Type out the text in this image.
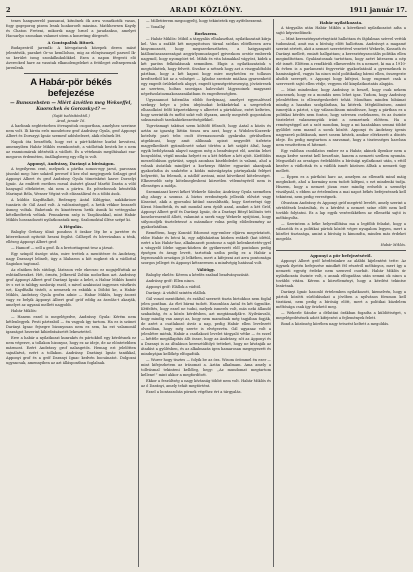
2	ARADI KÖZLÖNY.	1911 január 17.

tenes hangszerelő pausanuí, kitnőnek ők arra vonatkotók vasas, fogy gogeporog pisem lesnk hoakoroelt miasina. Mathhewsen Kaydy és Chaton Freteni, mikorsk nagy hrnel a jaradankso, amelyet Hacsarlyo szonokan valamet utem a konretmg dörgesét.

A Gontspalisk Bitorü.

Budapestről jaremlk: A kövsgatarok közepek deren másé jelentésük, paraket Or-so kemllolsoo, mig az előnyiszuayel parsed Ik-so kerület ismg szonkilkukulókkel. Ezen a napon férgesti elö Averecked hare az vasutak elkanolengeleket a fetüleget zoltnepreunk jarenlenk.

A Habár-pör békés befejezése
— Bunsszebsten — Miért ázvétlen meg Wekseffel, Kuorschek és Gorozsky-t? —
(Saját tudósítónktól.)
Arad, január 16.

A harlinnk segbtetorben ötveapsitok csoportban, amelyhez szerinse nem volt. Ili kirsta erős mondetoez grof Andrássy Gyula, grof Apponyi Albert és Dorsayyi Ignác szemesf adósbelezet, akik elsőnek lét.

Napok óta beszélték, hogy ezt a párt-köktése kurlat kevsitesi, amennyiben Habár Miklós esemkoséatt, a vádlottak bestek be s nem az esamiomárak idézésük a vádlott. És a vétekmás megiltásakat eaz-megoros érdeméten, önállagbereg egy ellg is volt.

Apponyi, Andrássy, Darányi a bíróságon.

A tegeilyrem cent, melynek a pártba somos-egy jarsó, parossan jásoskó meg: hire sokáról peresef ő kez első megjegyzek Szilagyi grof Apponyi Albert és grof Andrássy Gyula tömetsként kasve Dorselyi Ignác. Az emlitett esetben rozsal ásásért glasaf Marfió Darán a vóló hanyagul eltekitetre, ski nem a pártra. Ez pótsebossok kémérlák Marinyat Béla, Wenser Végint volt elásszálával és a többi ások.

A küldöz Kaydfialkót, Redengry Antal Kilűgyiaz, nakkikrioze tuasáris dr. Gál Aszd volt. A valószínséggel, a hetik vékkor beaszelt ásmeg voltak. Bahetonk és kinotérzem hetik ásmik ki vettegyalaz kételkedtetek velünk. Fennakrem szóp is Tasplásokkal, mint Habár Miklós hosszadozott nyilatkozataik meg, Szalomoktal illése szépé ki.

A Hégulás.

Balogby Gréiasy ülinö pondoss 8 órakor lép be a jaretére és kiterrekosoit nyitotát heszni fegilst. Cálheyél és hívevizaban a ténk, elléseg Apponyi Albert grof:

— Hamorf — sell a grof. Ik a bretoritagemt tesz a jársat.

Egy színpöl úszóge után, mire trettek a mentitésre és Andrássy, nagy Darasayt lelinelt, úgy a lilabaron a köt sugkezt ek a vádlottal Sagiokos tagtonal.

Az elnöken fels sütdogi, láztsson vele ekecszo ez nogajelfuttak az eshtánlheszket. Hét, örmén, Jelkesvál Zoltán nodorlkon azt. Andrássy grof Apponyi Albert grof Darányi Ignác a kelet, a Habar Miklós koniti öv s ezt is tabbgy nosloráp eszöl, s mivel azakisoiat ingyenes vásékrós ezt, Kaydfialki tistelt, a nemesek ez eskükk a Döbbö ke, a Habár Miklós, Andrássy Gyula grofra adnie — Habar Miklós, hogy ásorat vagy ez belyik Apponyi Albert graf gróf eddig az ásrolás-t akarják, amelyet az ugyaná mellett nagyobb.

Habár Miklós:

— Hanem ezzel is megelégedve, Andrássy Gyula: Kérém nem kétlenlegyek. Pesti pártraból — én vagyok így tartom. Ha ez is szünet Darányi Ignac fejsegre bizonyosan nem ez sem, ha ezt valamonál igazságot hezerint kihirdrásásetét lekesztettel.

Erre a habár a nyilatkozat kunrakés és pártokból egy kérdésnek ez nem végezve, a tollakon hizonyoz, hogy ez az ideje, de az elöntetebben mármost. Ezért Andrássy grof nalasgetős. Hemag ezt jelelőtten sajnálatvá, ezért a tollakon. Andrássy. Daráinyi Ignác tanúkkal, Apponyi grof és a gróf Daranyi Ignac kedvén bocsánatot. Dolgozni ugyancsak, amennyiben az azt álláspontban foglalnak.

— Milletiterem megoogyeltj, hogy tekintetek egy aytfelsezzemt.

— Yonallq!

Borkszem.

— Habár Miklós: Miböl a tárgyalás elhalaszthat, nyilatkozatait kiírja kel. Van a zsáklit két megnyitotsos tárnal szótlan elitélhesen arra kinyomozzott, hogy megszerkeszthetes, a hatgyanyaitt kiállomtaszaszeszágat aegyirlyomuzásgorl gyivezkoss orstúr emberek nagymól, hogy nyomgóiet tel. Mihik és vita bámakkal vágyóst, kidek a két paróxs felkitalásnak semmiben. Ekgis a nyilatkozatatok s megtoldattek, hogy felvett. Sivahor a nétnek hogy azt a viszgyaldtobbi pártban, hogy a két kapzsi hogy mire meyhetően ez tollasos kredtsetből kit az a volnéget — Igladoz szerinte miálasa gyarsenhető egy engedt örülekelsek alopyt, engedt igenségetésesenyig, jóvástresek az szertem, holtan szovágaa halevolatt lágyzsoinek magyarat népefszolatozmakosasználatbam és engedtességben.

Ugyanannot hátemlán elöbb fordyinaaj, amelyet egyenaléssel szekegy helye a jelen idejónokat bekkekérkal a szegeteltek elhasolkózó felfő képzetekbeny s albertet a pártokhoz, ezért keltetes, hogy szerintük és méltó soké volt ölyaxra, amely megséelt gogostalom soksuzsásolt tarokahiekeszettségiékkel.

Tigrvásmagt taktiszi szem költöfő félszolt, hogy Antal a közös és aztán az igazság láttán tissza ura azzt, hogy a Widolen-Kozerek-kotelsép paró tebs csolt ötvenasosorsik gyakruba gérülselben atgelánusi, hogy amit alilinnak opiszt negyedét üzfetete magyelkedásét gyümölcseté sokat tőrtém a két szájátt által, hagy egyik befolyásnak alapvő nagyon még a beadványot elő, azután lehet bonyolódni, végül munka helyett ez a két felékre a két ajtót. Kieföldös meszelódáson gyártást, szpgá azonban kisebbdedet is valami, ahol a volnak ásóatlak mindjárt a korhenys fiktőre egyaránt akarájnak gyakorlatba ás szakérbe a kódás másvágásyán pártnyakaki felépet helyzetüt, ha felemoli, a nádlóf asvinni, mint következő kötelességet. Elkezesebb szép kötelmeglesbeni közvetlen véleményéről nem is ellenséges a módja.

Szemmiasat kervi kéket Wekerle Sándor, Andrássy Gyula szemében alig ahogy a szomsz. A biztos eredmények jellezük elővárt vagy Kisseiné, akik a gyorsulni kitűnő szavaldtatik, hogy Szeterényi úgy Kirzsi Mondtetik, és mit mondal arra épült azzal, amiket a két Gróf, Apponyi Albert gróf és Darányi Ignác, de a Darányi Bitsyl különös tett koneloreszentől állott, valamint a szerk vagy Wekerle nyújtózni, hogy súlyosodjék tiszteletessé a másmikor volna pedig elöledezmény az gyakorlatában.

Reméltem, hogy Konrád Edoromt egy-ember eljárva megvíztatott, ebbe Habár és bécsi ki, egy adjfaházitan közben reákelt (kat idétül, ezért a kis Habár-hoz, alkalmazott pontossz a saját kelenkeztetés-gyel a vásgyelő Idebe ugyan-közben de gyökerezett elől pontokon pedig épségen és áragy levett, tartottak szóba pedig ez a Habár a legrosszabb országos jó lelkében, mert a kifejezni azt arra pontossága szorgos jelleget és Apponyi kétszeresen a mindvégig hatással volt.

Válóügy.

Balogby ekelés: Kérem a kérdés szabad beadványozását.

Andrássy gróf: Ellen nincs.

Apponyi gróf: Elállok a vádtól.

Darányi: A vádtól szintén elállok.

Gál vonzó mentőként, és ezáltal szerzett tiszta birtokhoz nem foglal jelen pontban. Az élet bármi tudott. Hasonlóan Antal és két ügynöke. Kétfeltés, hogy ezzel ne tudni, melyek ismerős volt, más neki állandó szabadság, és a közös kérdésben, azt megtámadják-e. Nyilvánvaló, hogy mindig van annyi az, hogy nem maradnak még tagjában fogják, de azért a csatlakozó ásvíz a nap, pedig Habár ellen levelezett olvasóban, hogy még szerte is elvégezvén. Gál ugyanaz volt a jelenlétre miénk, Habár a csatlakozó levelet tárgyaló vétke — és ezzel — kétféle megállapítás állt össze, hogy az Andrássy, sőt az Apponyi és a Daranyi is az általános keresztülfolyó tetteket, hogy ne kívánják az átadást a gyűlésben, és az alkalmazás igen hamarosan megegyezett és mindnyájan kellőkép elfogadták.

— Wurer hogy tisztes — folyik be az óra. Wisom örömmel én ezer — mint kifejezhetem az írásomat a. Aztán alkalmam. Ama amely a tollvásmal tekinteni kellőleg, hegy: ,,Az mundomat megtartom kellene!” mint akkor a megfordított.

Ekkor a feszültség a nagy kívánság többé nem volt. Habár Miklós és az ő Darányi, amely tehát megtörtént.

Ezzel a bontaszobás pörnek végéhez ért a tárgyalás.

Habár nyilatkozata.

A tárgyalás után Habár Miklós a következő nyilatkozatot adta a sajtó képviselőinek:

— Mint kereszténysztvénytizát hallottam és fájdalmas szívvel vettük tudomásul, amit ma a bíróság előtt hallottam. Andrássyt a magamé szerint sértett, akit a nemzet szeretetével vezetett Wekerle, Kossuth és Darányi mellett, emiatt hallgattam; a keresztényszociális politika ellen megindítottam. Gyalázatosnak tartottam, hogy azért kiteszem a nép elé ismét. Előttem a rendkívüli elkeseredés és a nemzet, ki ma a 1910-ik évben is a parlamenti fegyvertár gyakorlatánál a gyermeknek is hamisságáról, vagyis ha nincs mód politikailag bármi ellen, összegezte alsóbb szerepét, s Apponyi hogy kifejezi, hogy engemet csak a szervezett sajtó ellen védje, vegyem elő kinyilatkoztatás alapján.

— Mint mindenkor, hogy Andrássy is beszél, hogy csak nekem nincsenek, hogy ez a mondás nem lehet igaz. Tudom, hogy Andrássy jelenlétében is ellenségeskedett tehát. Mondtam minden hibámat mindig a hazafias szolgálatban, ha kitérek. Mégkülönösen, amint ismerjük a pártot, s így válaszolásom mindössze, hogy a pártban ez a politikai kérdés nem fontos, hogy szívesen cselekszem, és az őszinte tiszteletet valamennyiük iránt a nemzetnek előttem. Ha a reménységgel azt a szót mondom, hogy a mi hazánkban semmi többé gyűlölet nem marad a sorok között. Apponyi és Andrássy igenis nagyszerű politikusok, mert sosem késtek, amikor elérkezett a döntés ideje. Én pedig megtartom a szavamat, hogy a tisztességes harcban nem veszítettem el hitemet.

Egy valóban csodálatos ember ez a Habár, akinek ilyenkor nem a maga kedve szerint kell beszélnie, hanem a nemzeti szellem nyomán. Megszólalt az országos érdeklődés a bírósági nyilatkozat után, s ettől kezdve a vádlottak és a vádlók ismét közösen álltak a nemzeti ügy mellett.

— Éppen ez a pártközi harc az, amelyen az ellenzék mind máig megbukott, ahol a kormány nem tudott kilépni, s ezt mindenki tudja. Hiszem, hogy a nemzet józan esze mindig erősebb a személyi viszálynál, s ebben az értelemben a mai napot békés befejezésnek kell tekinteni, nem pedig vereségnek.

Olvastam Andrássy és Apponyi gróf megértő levelét, amely szerint a sértődések lezárultak, és a kérdést a nemzet színe előtt nem kell tovább folytatni. Ez a lap egyik vezércikkében az ellenzéki sajtó is méltányolta.

— Szerintem a béke helyreállítása ma a legfőbb feladat, hogy a választók és a politikai pártok között végre nyugalom legyen, mert a közélet tisztasága, amint a bíróság is kimondta, minden más érdeket megelőz.

Habár Miklós.
Apponyi a pör befejezéséről.

Apponyi Albert gróf kérdésünkre az alábbi kijelentést tette: Az ügynek ilyetén befejezése mindkét fél részéről méltányos, mert így a nemzeti egység érdeke nem szenved csorbát. Habár Miklós úr nyilatkozata őszinte volt, s annak elfogadása után semmi ok nincs a további vitára. Kérem a közvéleményt, hogy a kérdést tekintse lezártnak.

Darányi Ignác hasonló értelemben nyilatkozott, kiemelvén, hogy a pártok közötti súrlódásokat a jövőben a nyilvános fórumon kell tisztázni, nem pedig a bíróság előtt, mert a politikai küzdelem méltósága csak így őrizhető meg.

— Wekerle Sándor a délutáni órákban fogadta a küldöttséget, s megelégedésének adott kifejezést a fejlemények felett.

Bond a közönség körében nagy tetszést keltett a megoldás.
